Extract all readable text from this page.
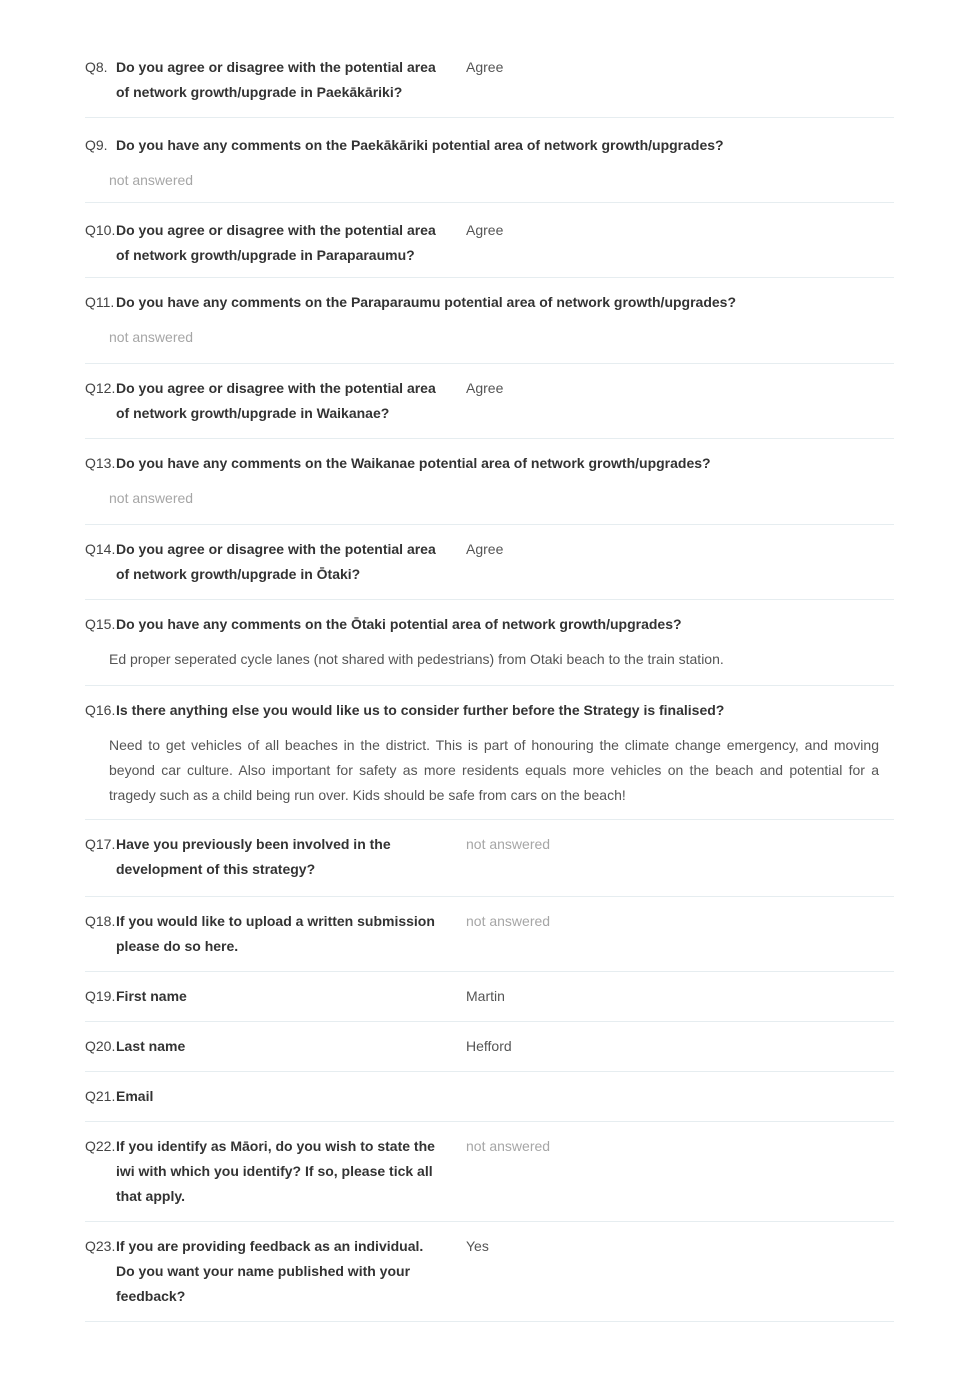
Q8. Do you agree or disagree with the potential area of network growth/upgrade in Paekākāriki?
Agree
Q9. Do you have any comments on the Paekākāriki potential area of network growth/upgrades?
not answered
Q10. Do you agree or disagree with the potential area of network growth/upgrade in Paraparaumu?
Agree
Q11. Do you have any comments on the Paraparaumu potential area of network growth/upgrades?
not answered
Q12. Do you agree or disagree with the potential area of network growth/upgrade in Waikanae?
Agree
Q13. Do you have any comments on the Waikanae potential area of network growth/upgrades?
not answered
Q14. Do you agree or disagree with the potential area of network growth/upgrade in Ōtaki?
Agree
Q15. Do you have any comments on the Ōtaki potential area of network growth/upgrades?
Ed proper seperated cycle lanes (not shared with pedestrians) from Otaki beach to the train station.
Q16. Is there anything else you would like us to consider further before the Strategy is finalised?
Need to get vehicles of all beaches in the district. This is part of honouring the climate change emergency, and moving beyond car culture. Also important for safety as more residents equals more vehicles on the beach and potential for a tragedy such as a child being run over. Kids should be safe from cars on the beach!
Q17. Have you previously been involved in the development of this strategy?
not answered
Q18. If you would like to upload a written submission please do so here.
not answered
Q19. First name	Martin
Q20. Last name	Hefford
Q21. Email
Q22. If you identify as Māori, do you wish to state the iwi with which you identify? If so, please tick all that apply.
not answered
Q23. If you are providing feedback as an individual. Do you want your name published with your feedback?
Yes
